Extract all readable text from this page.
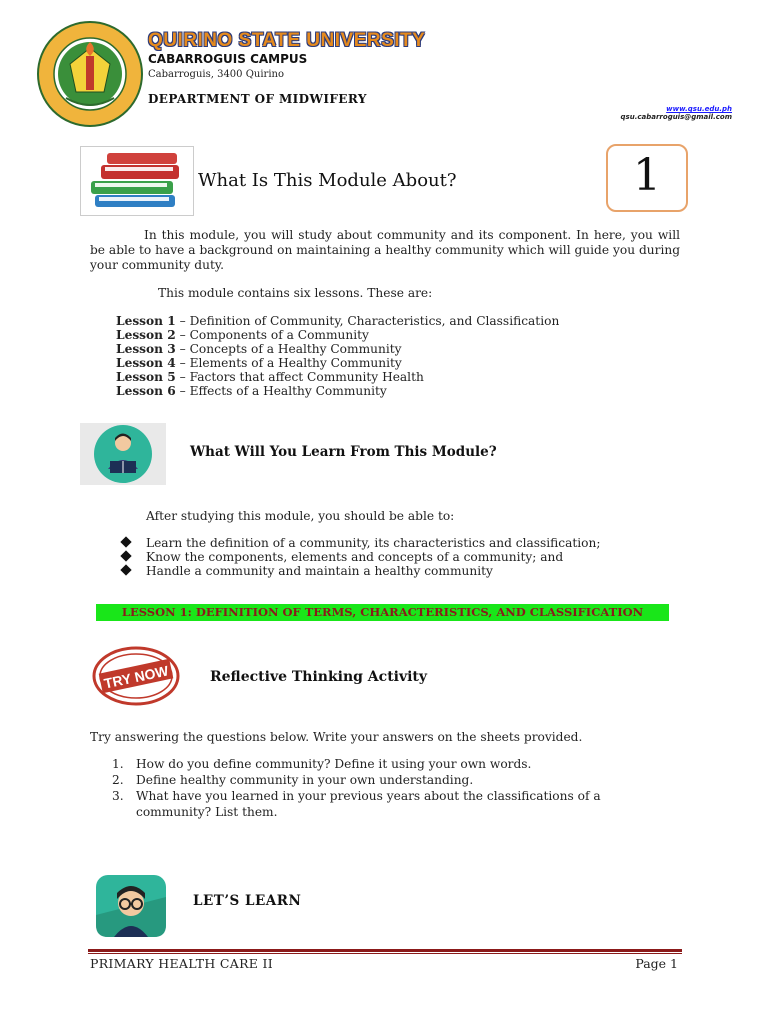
QUIRINO STATE UNIVERSITY
CABARROGUIS CAMPUS
Cabarroguis, 3400 Quirino
DEPARTMENT OF MIDWIFERY
www.qsu.edu.ph
qsu.cabarroguis@gmail.com
What Is This Module About?	1
In this module, you will study about community and its component. In here, you will be able to have a background on maintaining a healthy community which will guide you during your community duty.
This module contains six lessons. These are:
Lesson 1 – Definition of Community, Characteristics, and Classification
Lesson 2 – Components of a Community
Lesson 3 – Concepts of a Healthy Community
Lesson 4 – Elements of a Healthy Community
Lesson 5 – Factors that affect Community Health
Lesson 6 – Effects of a Healthy Community
What Will You Learn From This Module?
After studying this module, you should be able to:
Learn the definition of a community, its characteristics and classification;
Know the components, elements and concepts of a community; and
Handle a community and maintain a healthy community
LESSON 1: DEFINITION OF TERMS, CHARACTERISTICS, AND CLASSIFICATION
TRY NOW	Reflective Thinking Activity
Try answering the questions below. Write your answers on the sheets provided.
1. How do you define community? Define it using your own words.
2. Define healthy community in your own understanding.
3. What have you learned in your previous years about the classifications of a
community? List them.
LET’S LEARN
PRIMARY HEALTH CARE II	Page 1
